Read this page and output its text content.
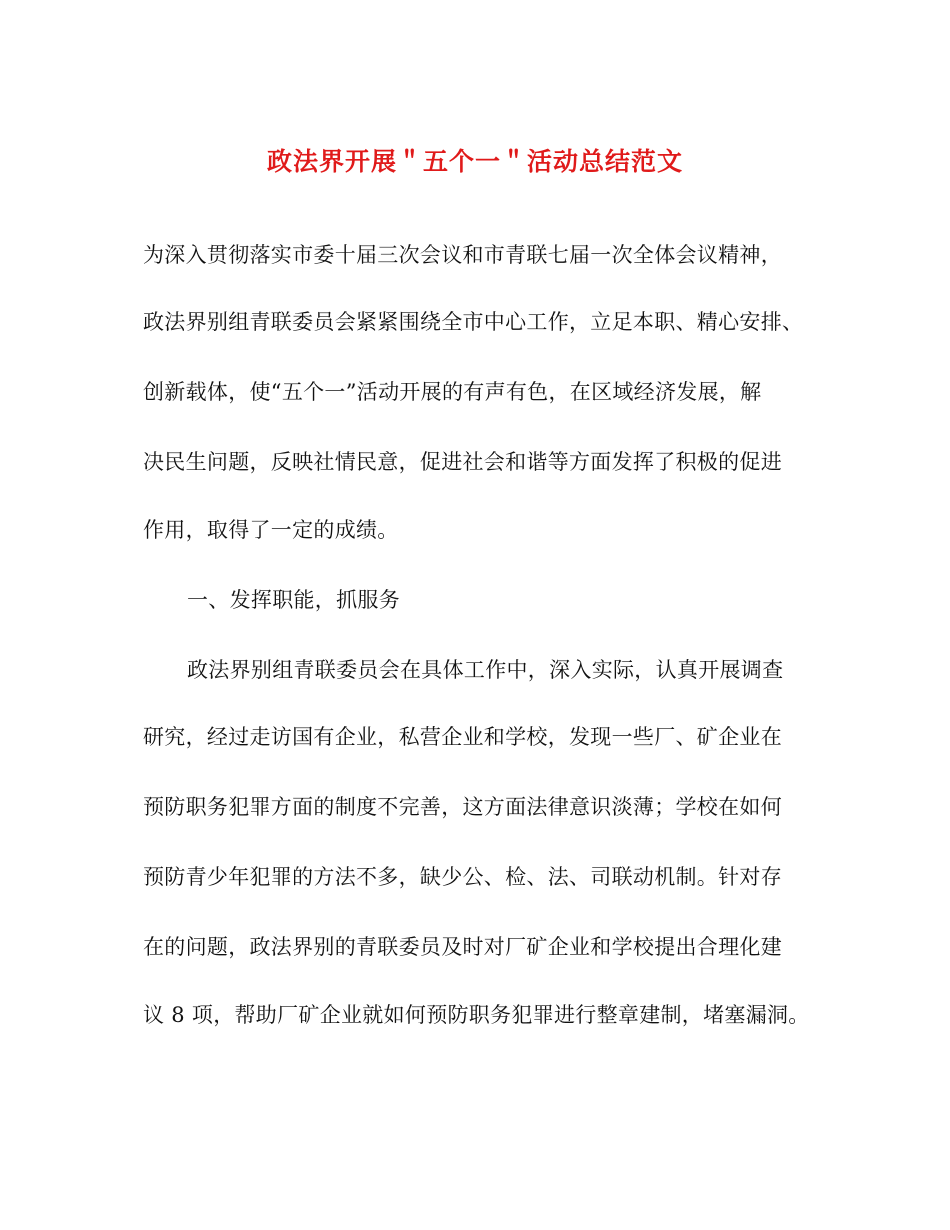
政法界开展＂五个一＂活动总结范文
为深入贯彻落实市委十届三次会议和市青联七届一次全体会议精神，
政法界别组青联委员会紧紧围绕全市中心工作，立足本职、精心安排、
创新载体，使“五个一”活动开展的有声有色，在区域经济发展，解
决民生问题，反映社情民意，促进社会和谐等方面发挥了积极的促进
作用，取得了一定的成绩。
一、发挥职能，抓服务
政法界别组青联委员会在具体工作中，深入实际，认真开展调查
研究，经过走访国有企业，私营企业和学校，发现一些厂、矿企业在
预防职务犯罪方面的制度不完善，这方面法律意识淡薄；学校在如何
预防青少年犯罪的方法不多，缺少公、检、法、司联动机制。针对存
在的问题，政法界别的青联委员及时对厂矿企业和学校提出合理化建
议 8 项，帮助厂矿企业就如何预防职务犯罪进行整章建制，堵塞漏洞。
